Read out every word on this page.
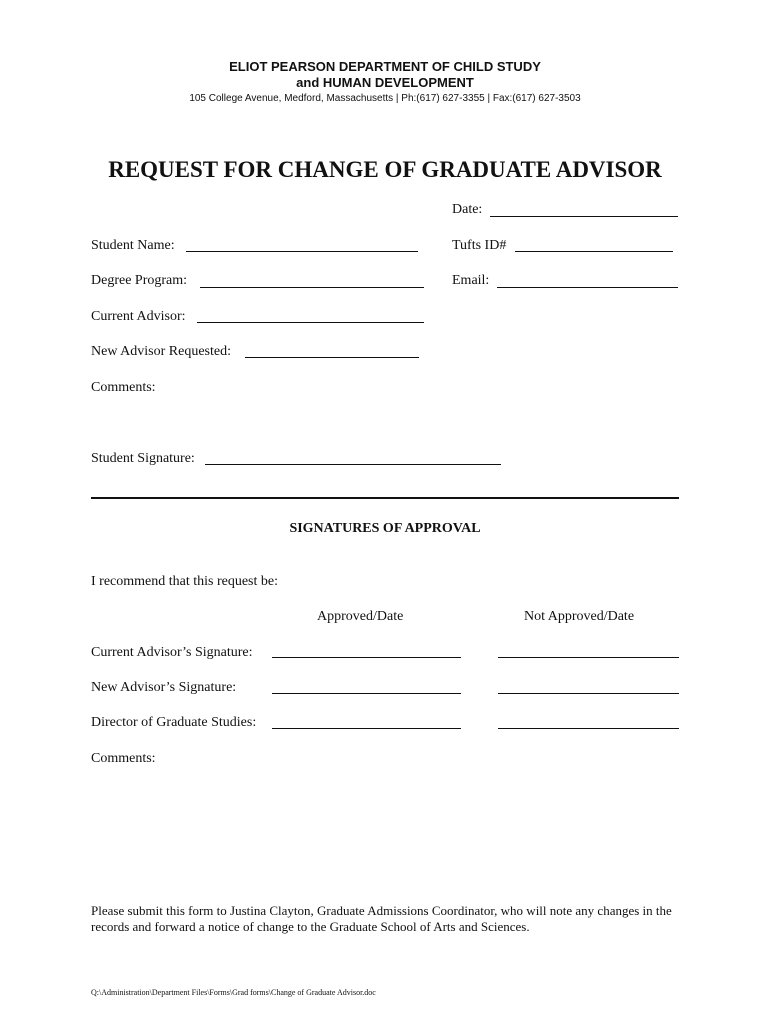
ELIOT PEARSON DEPARTMENT OF CHILD STUDY
and HUMAN DEVELOPMENT
105 College Avenue, Medford, Massachusetts | Ph:(617) 627-3355 | Fax:(617) 627-3503
REQUEST FOR CHANGE OF GRADUATE ADVISOR
Date:
Student Name:	Tufts ID#
Degree Program:	Email:
Current Advisor:
New Advisor Requested:
Comments:
Student Signature:
SIGNATURES OF APPROVAL
I recommend that this request be:
Approved/Date	Not Approved/Date
Current Advisor’s Signature:
New Advisor’s Signature:
Director of Graduate Studies:
Comments:
Please submit this form to Justina Clayton, Graduate Admissions Coordinator, who will note any changes in the records and forward a notice of change to the Graduate School of Arts and Sciences.
Q:\Administration\Department Files\Forms\Grad forms\Change of Graduate Advisor.doc
